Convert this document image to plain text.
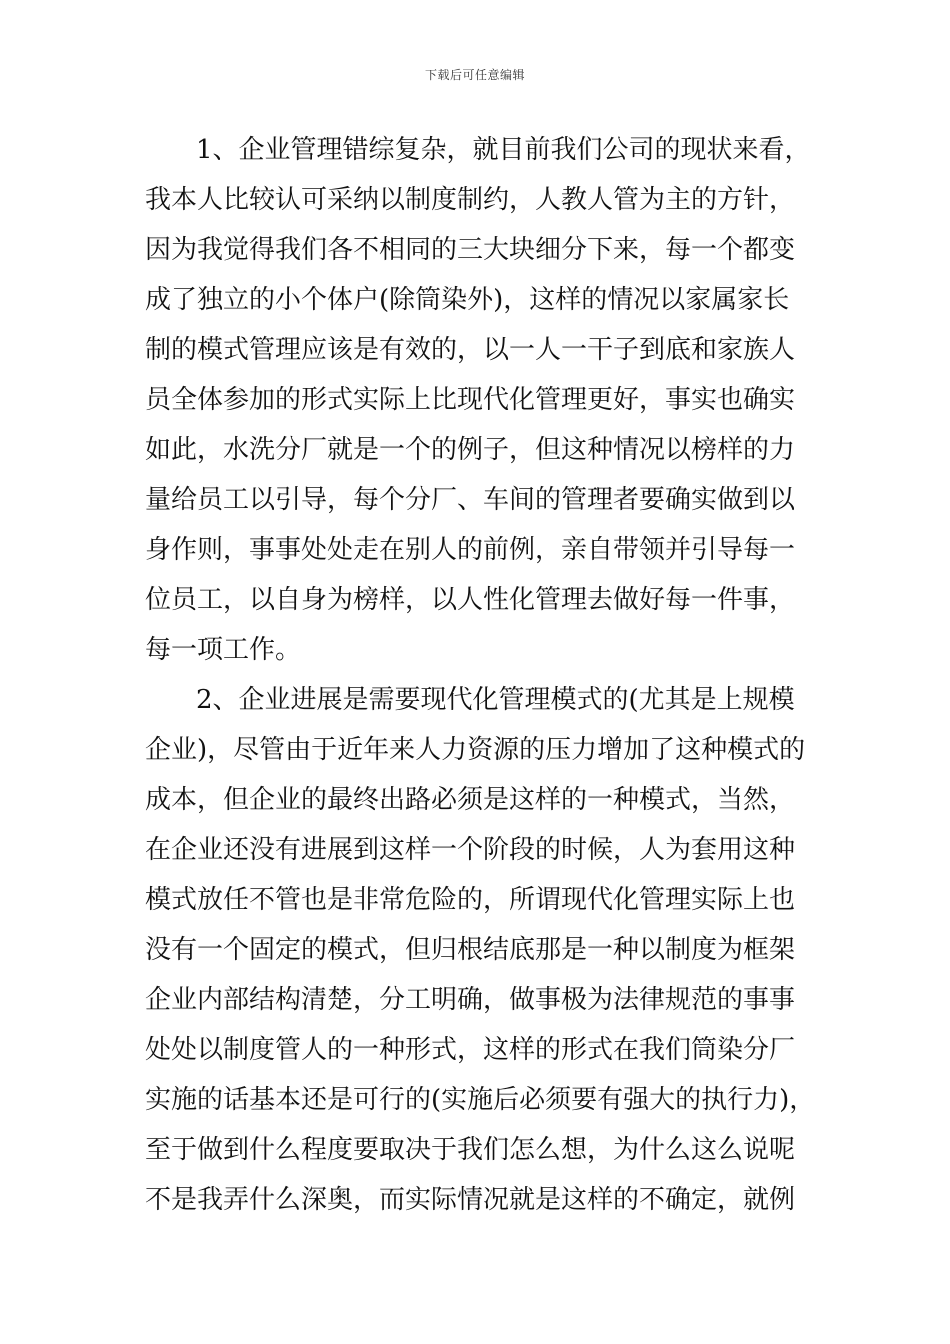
下载后可任意编辑
1、企业管理错综复杂，就目前我们公司的现状来看，
我本人比较认可采纳以制度制约，人教人管为主的方针，
因为我觉得我们各不相同的三大块细分下来，每一个都变
成了独立的小个体户(除筒染外)，这样的情况以家属家长
制的模式管理应该是有效的，以一人一干子到底和家族人
员全体参加的形式实际上比现代化管理更好，事实也确实
如此，水洗分厂就是一个的例子，但这种情况以榜样的力
量给员工以引导，每个分厂、车间的管理者要确实做到以
身作则，事事处处走在别人的前例，亲自带领并引导每一
位员工，以自身为榜样，以人性化管理去做好每一件事，
每一项工作。
2、企业进展是需要现代化管理模式的(尤其是上规模
企业)，尽管由于近年来人力资源的压力增加了这种模式的
成本，但企业的最终出路必须是这样的一种模式，当然，
在企业还没有进展到这样一个阶段的时候，人为套用这种
模式放任不管也是非常危险的，所谓现代化管理实际上也
没有一个固定的模式，但归根结底那是一种以制度为框架
企业内部结构清楚，分工明确，做事极为法律规范的事事
处处以制度管人的一种形式，这样的形式在我们筒染分厂
实施的话基本还是可行的(实施后必须要有强大的执行力)，
至于做到什么程度要取决于我们怎么想，为什么这么说呢
不是我弄什么深奥，而实际情况就是这样的不确定，就例
